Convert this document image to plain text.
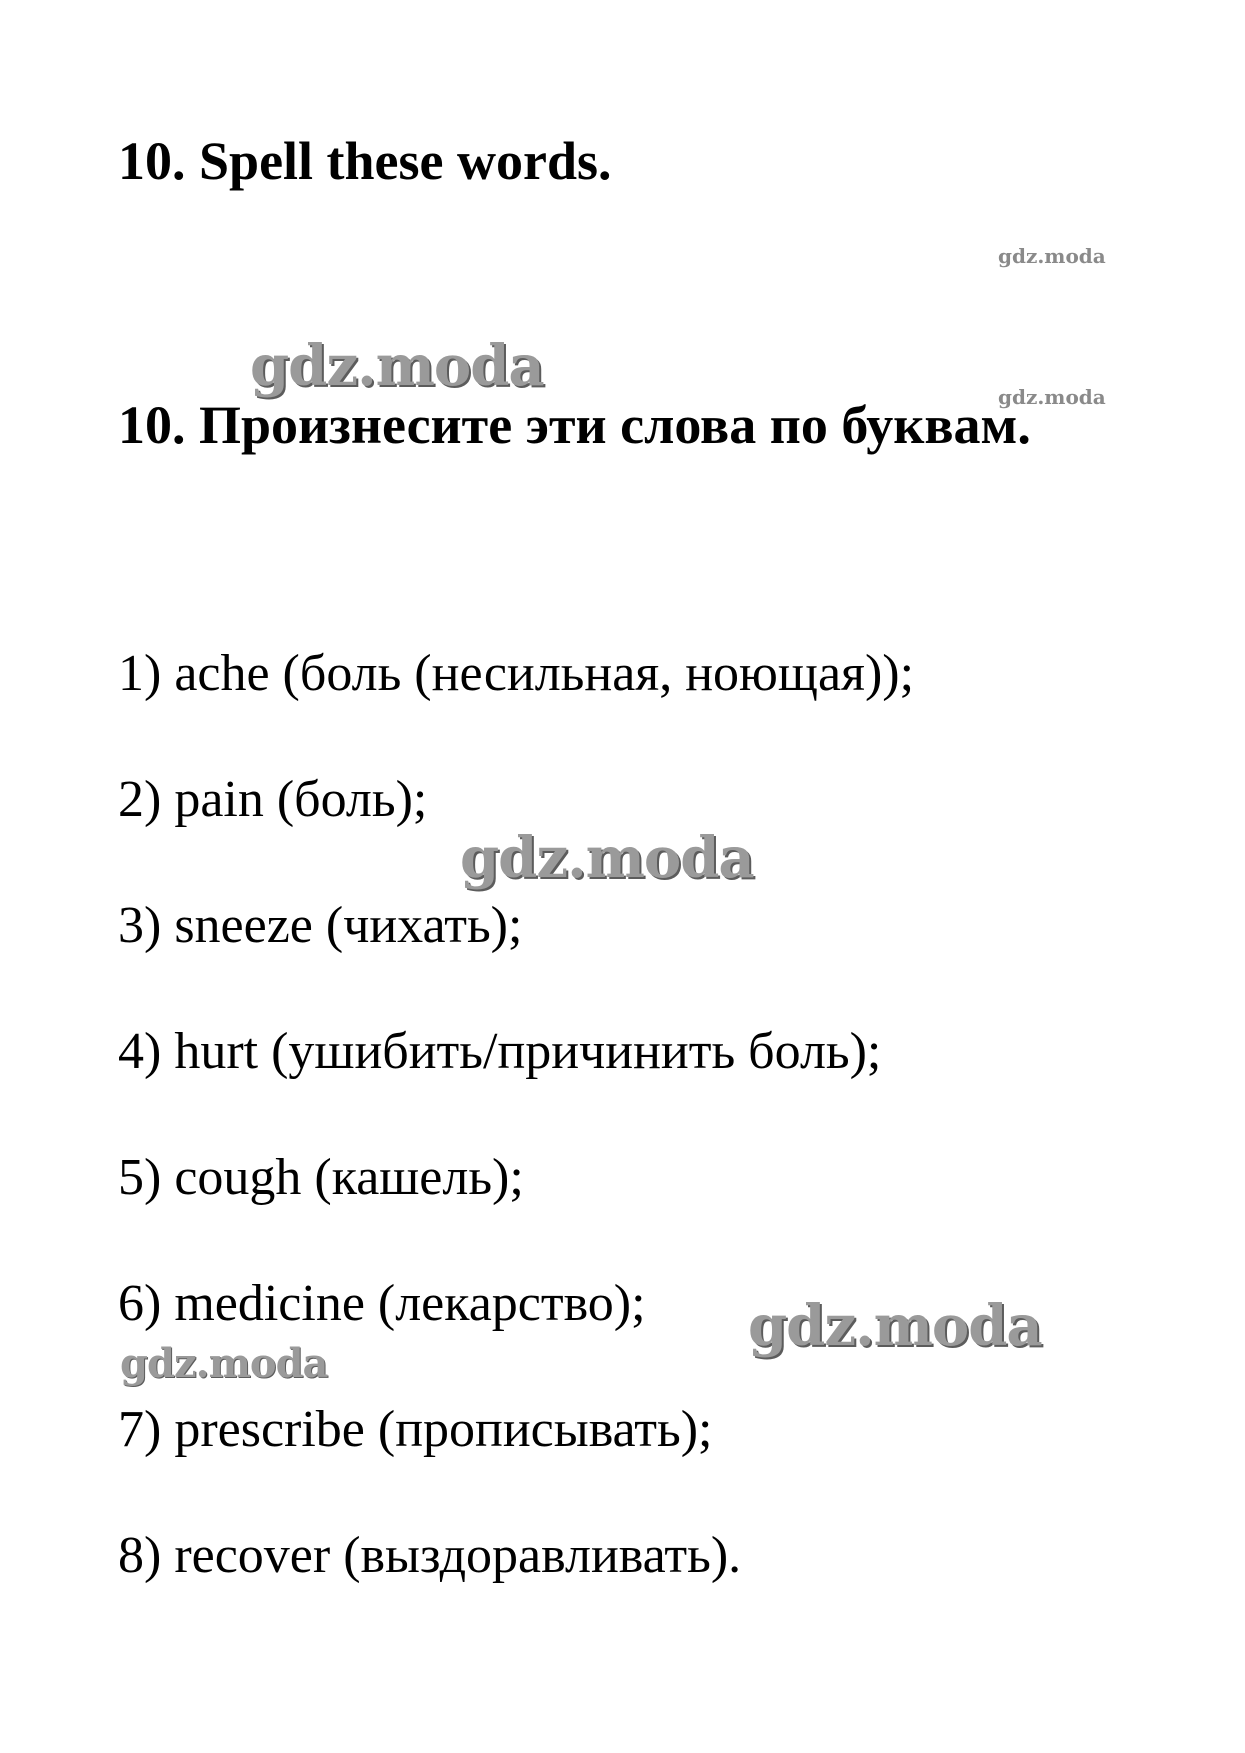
10. Spell these words.
gdz.moda
gdz.moda	gdz.moda
10. Произнесите эти слова по буквам.
1) ache (боль (несильная, ноющая));
2) pain (боль);
3) sneeze (чихать);
4) hurt (ушибить/причинить боль);
5) cough (кашель);
6) medicine (лекарство);
7) prescribe (прописывать);
8) recover (выздоравливать).
gdz.moda
gdz.moda
gdz.moda
